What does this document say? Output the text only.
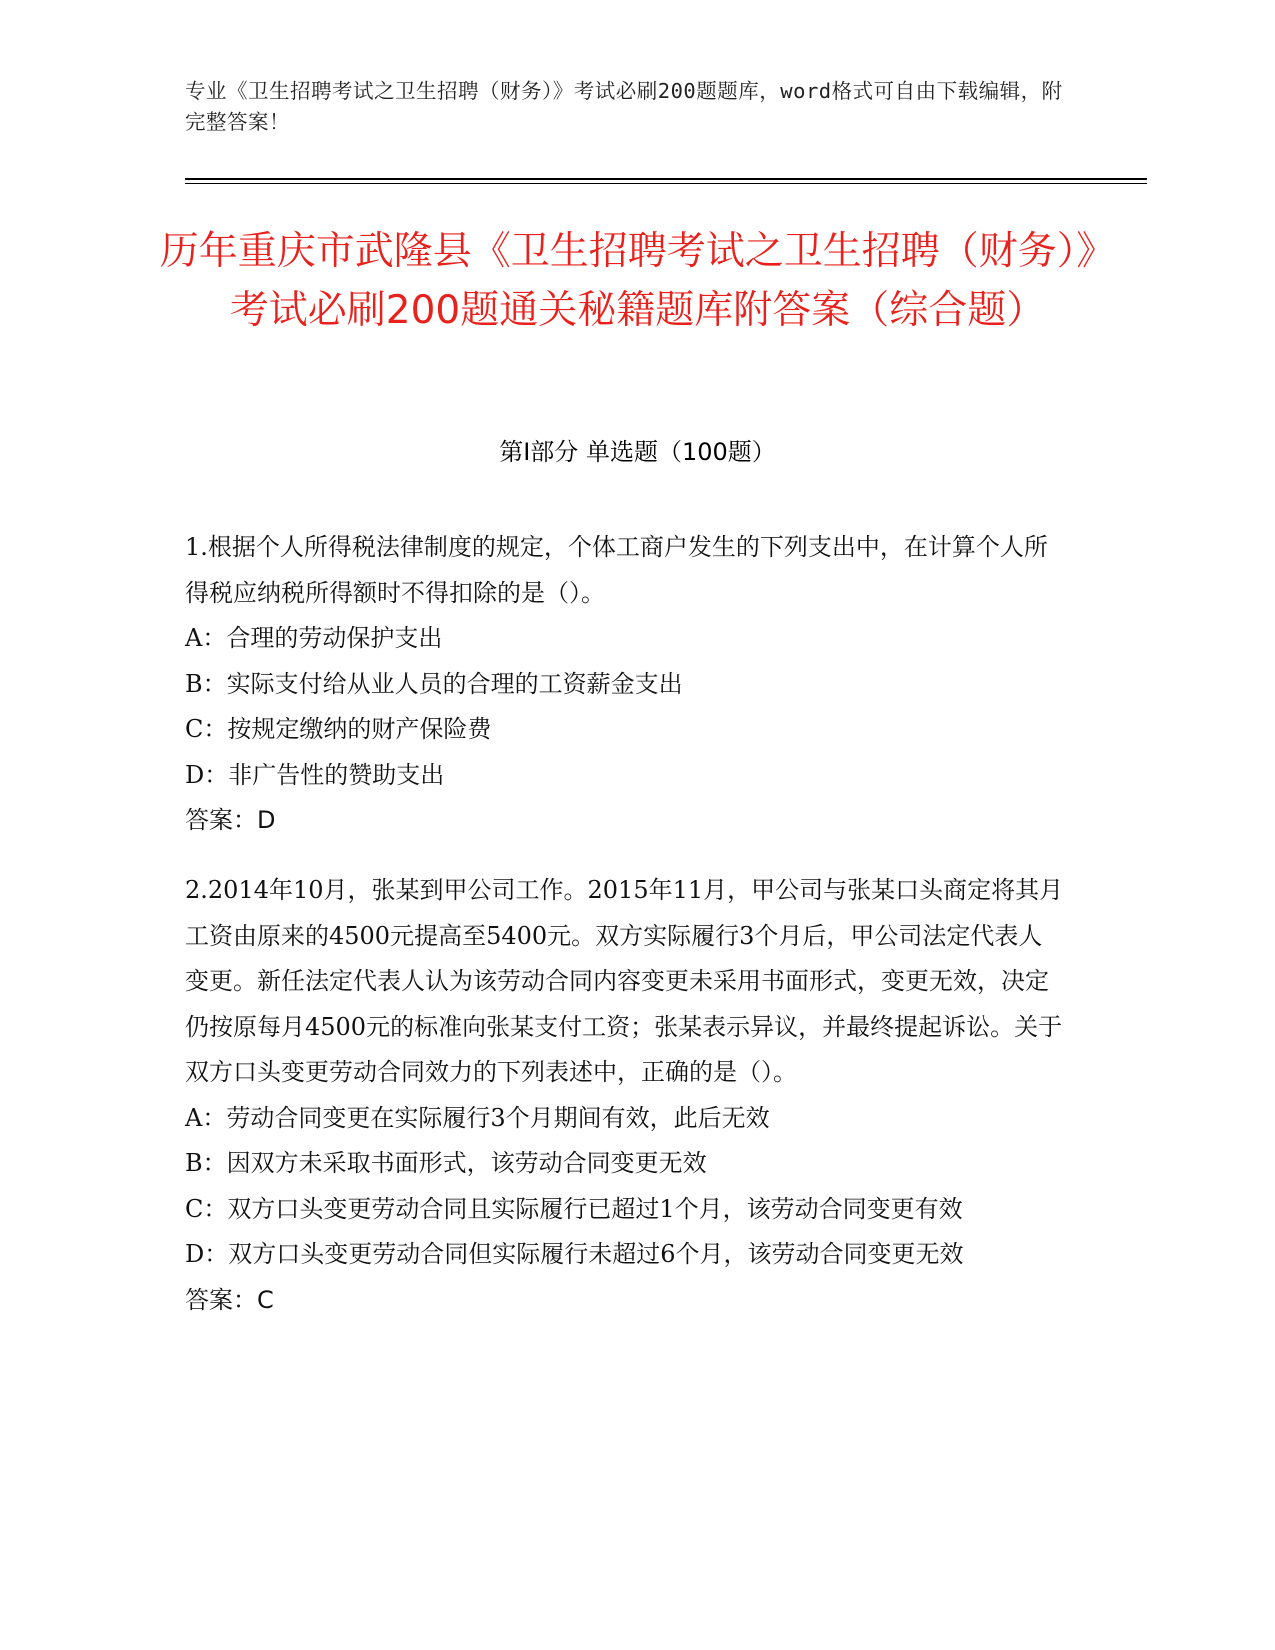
专业《卫生招聘考试之卫生招聘（财务）》考试必刷200题题库，word格式可自由下载编辑，附完整答案！
历年重庆市武隆县《卫生招聘考试之卫生招聘（财务）》考试必刷200题通关秘籍题库附答案（综合题）
第I部分 单选题（100题）

1.根据个人所得税法律制度的规定，个体工商户发生的下列支出中，在计算个人所得税应纳税所得额时不得扣除的是（）。

A：合理的劳动保护支出

B：实际支付给从业人员的合理的工资薪金支出

C：按规定缴纳的财产保险费

D：非广告性的赞助支出

答案：D

2.2014年10月，张某到甲公司工作。2015年11月，甲公司与张某口头商定将其月工资由原来的4500元提高至5400元。双方实际履行3个月后，甲公司法定代表人变更。新任法定代表人认为该劳动合同内容变更未采用书面形式，变更无效，决定仍按原每月4500元的标准向张某支付工资；张某表示异议，并最终提起诉讼。关于双方口头变更劳动合同效力的下列表述中，正确的是（）。

A：劳动合同变更在实际履行3个月期间有效，此后无效

B：因双方未采取书面形式，该劳动合同变更无效

C：双方口头变更劳动合同且实际履行已超过1个月，该劳动合同变更有效

D：双方口头变更劳动合同但实际履行未超过6个月，该劳动合同变更无效

答案：C
